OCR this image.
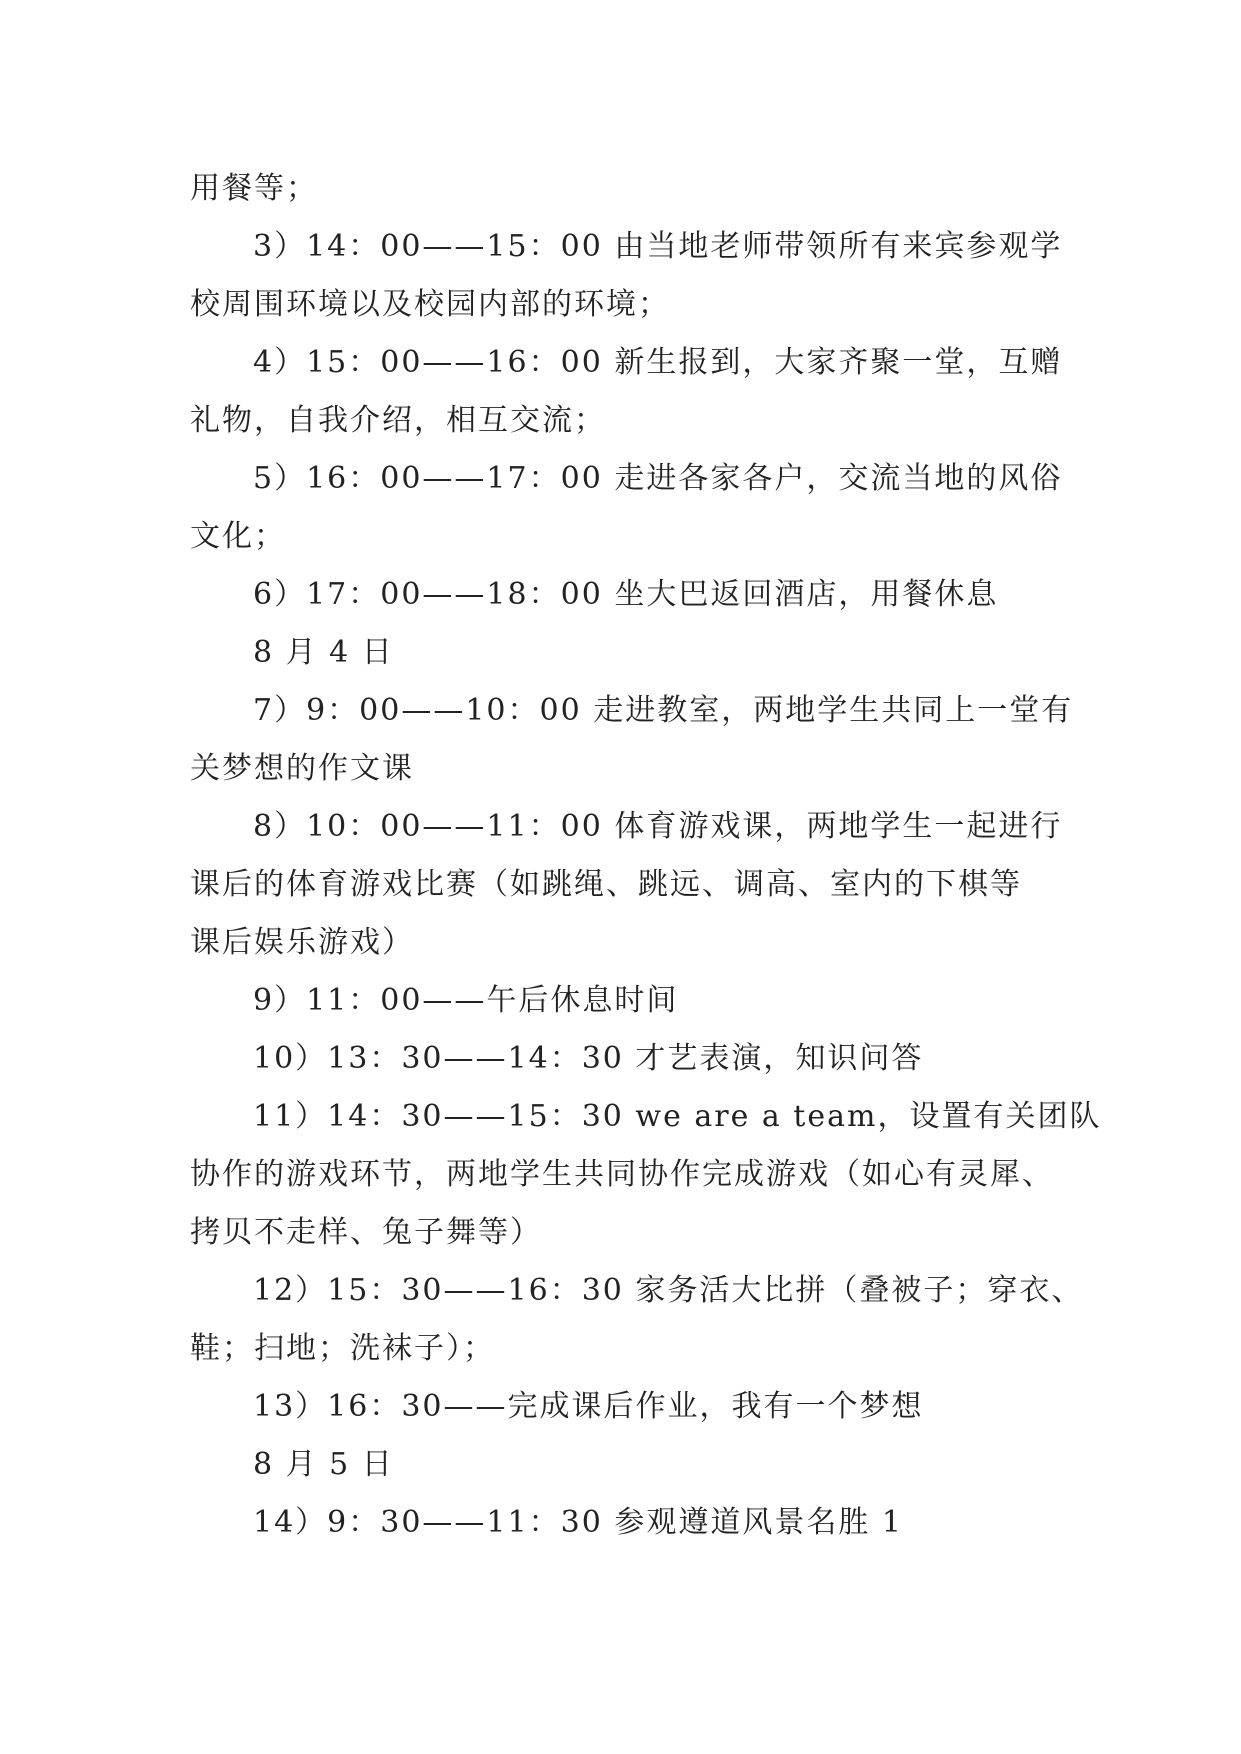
用餐等；
3）14：00——15：00 由当地老师带领所有来宾参观学
校周围环境以及校园内部的环境；
4）15：00——16：00 新生报到，大家齐聚一堂，互赠
礼物，自我介绍，相互交流；
5）16：00——17：00 走进各家各户，交流当地的风俗
文化；
6）17：00——18：00 坐大巴返回酒店，用餐休息
8 月 4 日
7）9：00——10：00 走进教室，两地学生共同上一堂有
关梦想的作文课
8）10：00——11：00 体育游戏课，两地学生一起进行
课后的体育游戏比赛（如跳绳、跳远、调高、室内的下棋等
课后娱乐游戏）
9）11：00——午后休息时间
10）13：30——14：30 才艺表演，知识问答
11）14：30——15：30 we are a team，设置有关团队
协作的游戏环节，两地学生共同协作完成游戏（如心有灵犀、
拷贝不走样、兔子舞等）
12）15：30——16：30 家务活大比拼（叠被子；穿衣、
鞋；扫地；洗袜子）；
13）16：30——完成课后作业，我有一个梦想
8 月 5 日
14）9：30——11：30 参观遵道风景名胜 1
